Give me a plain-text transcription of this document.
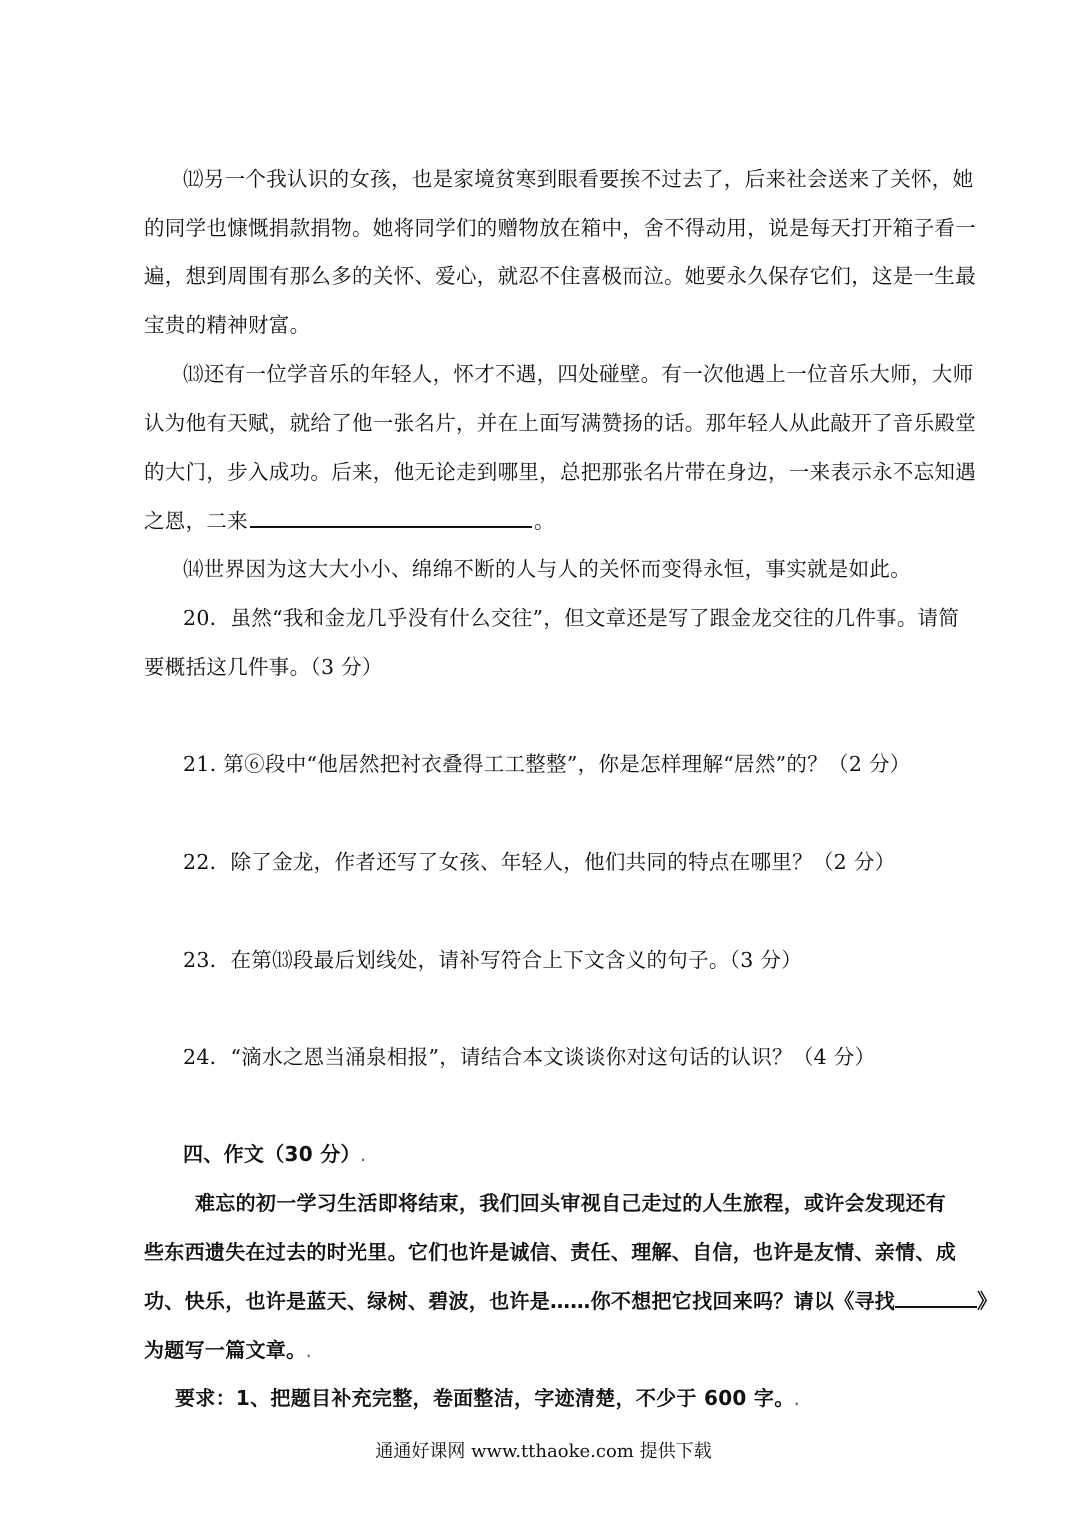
⑿另一个我认识的女孩，也是家境贫寒到眼看要挨不过去了，后来社会送来了关怀，她
的同学也慷慨捐款捐物。她将同学们的赠物放在箱中，舍不得动用，说是每天打开箱子看一
遍，想到周围有那么多的关怀、爱心，就忍不住喜极而泣。她要永久保存它们，这是一生最
宝贵的精神财富。
⒀还有一位学音乐的年轻人，怀才不遇，四处碰壁。有一次他遇上一位音乐大师，大师
认为他有天赋，就给了他一张名片，并在上面写满赞扬的话。那年轻人从此敲开了音乐殿堂
的大门，步入成功。后来，他无论走到哪里，总把那张名片带在身边，一来表示永不忘知遇
之恩，二来	。
⒁世界因为这大大小小、绵绵不断的人与人的关怀而变得永恒，事实就是如此。
20．虽然“我和金龙几乎没有什么交往”，但文章还是写了跟金龙交往的几件事。请简
要概括这几件事。（3 分）
21. 第⑥段中“他居然把衬衣叠得工工整整”，你是怎样理解“居然”的？（2 分）
22．除了金龙，作者还写了女孩、年轻人，他们共同的特点在哪里？（2 分）
23．在第⒀段最后划线处，请补写符合上下文含义的句子。（3 分）
24．“滴水之恩当涌泉相报”，请结合本文谈谈你对这句话的认识？（4 分）
四、作文（30 分）.
难忘的初一学习生活即将结束，我们回头审视自己走过的人生旅程，或许会发现还有
些东西遗失在过去的时光里。它们也许是诚信、责任、理解、自信，也许是友情、亲情、成
功、快乐，也许是蓝天、绿树、碧波，也许是……你不想把它找回来吗？请以《寻找	》
为题写一篇文章。.
要求：1、把题目补充完整，卷面整洁，字迹清楚，不少于 600 字。.
通通好课网 www.tthaoke.com 提供下载
